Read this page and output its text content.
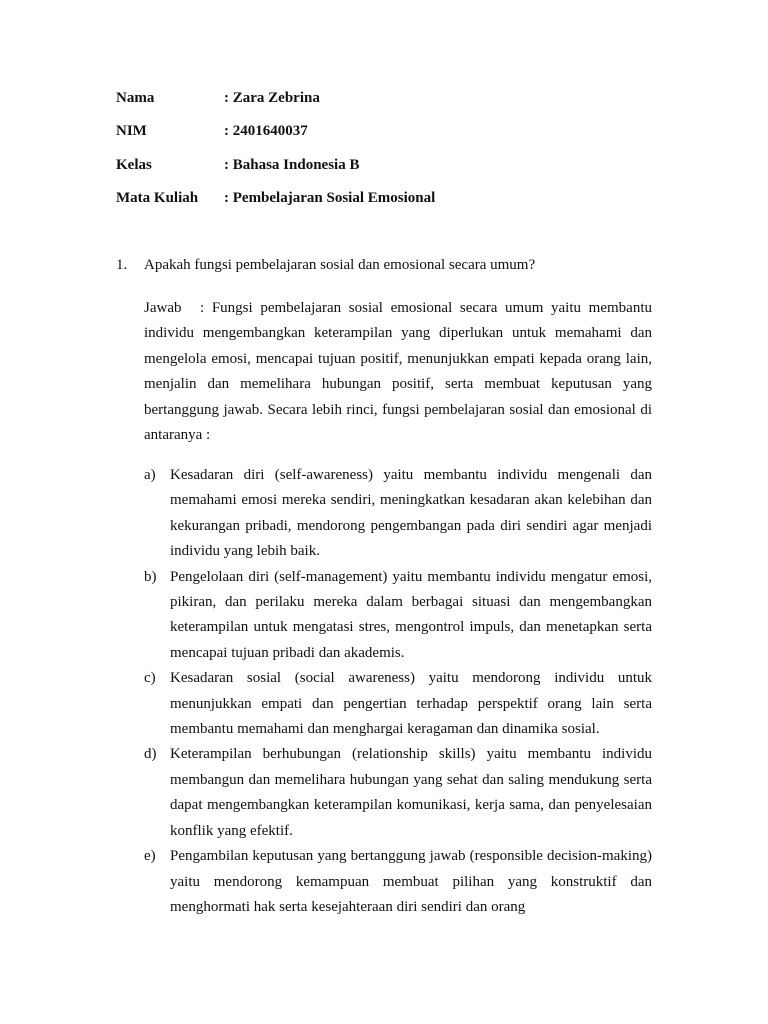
Nama	: Zara Zebrina
NIM	: 2401640037
Kelas	: Bahasa Indonesia B
Mata Kuliah : Pembelajaran Sosial Emosional
1. Apakah fungsi pembelajaran sosial dan emosional secara umum?
Jawab : Fungsi pembelajaran sosial emosional secara umum yaitu membantu individu mengembangkan keterampilan yang diperlukan untuk memahami dan mengelola emosi, mencapai tujuan positif, menunjukkan empati kepada orang lain, menjalin dan memelihara hubungan positif, serta membuat keputusan yang bertanggung jawab. Secara lebih rinci, fungsi pembelajaran sosial dan emosional di antaranya :
a) Kesadaran diri (self-awareness) yaitu membantu individu mengenali dan memahami emosi mereka sendiri, meningkatkan kesadaran akan kelebihan dan kekurangan pribadi, mendorong pengembangan pada diri sendiri agar menjadi individu yang lebih baik.
b) Pengelolaan diri (self-management) yaitu membantu individu mengatur emosi, pikiran, dan perilaku mereka dalam berbagai situasi dan mengembangkan keterampilan untuk mengatasi stres, mengontrol impuls, dan menetapkan serta mencapai tujuan pribadi dan akademis.
c) Kesadaran sosial (social awareness) yaitu mendorong individu untuk menunjukkan empati dan pengertian terhadap perspektif orang lain serta membantu memahami dan menghargai keragaman dan dinamika sosial.
d) Keterampilan berhubungan (relationship skills) yaitu membantu individu membangun dan memelihara hubungan yang sehat dan saling mendukung serta dapat mengembangkan keterampilan komunikasi, kerja sama, dan penyelesaian konflik yang efektif.
e) Pengambilan keputusan yang bertanggung jawab (responsible decision-making) yaitu mendorong kemampuan membuat pilihan yang konstruktif dan menghormati hak serta kesejahteraan diri sendiri dan orang
